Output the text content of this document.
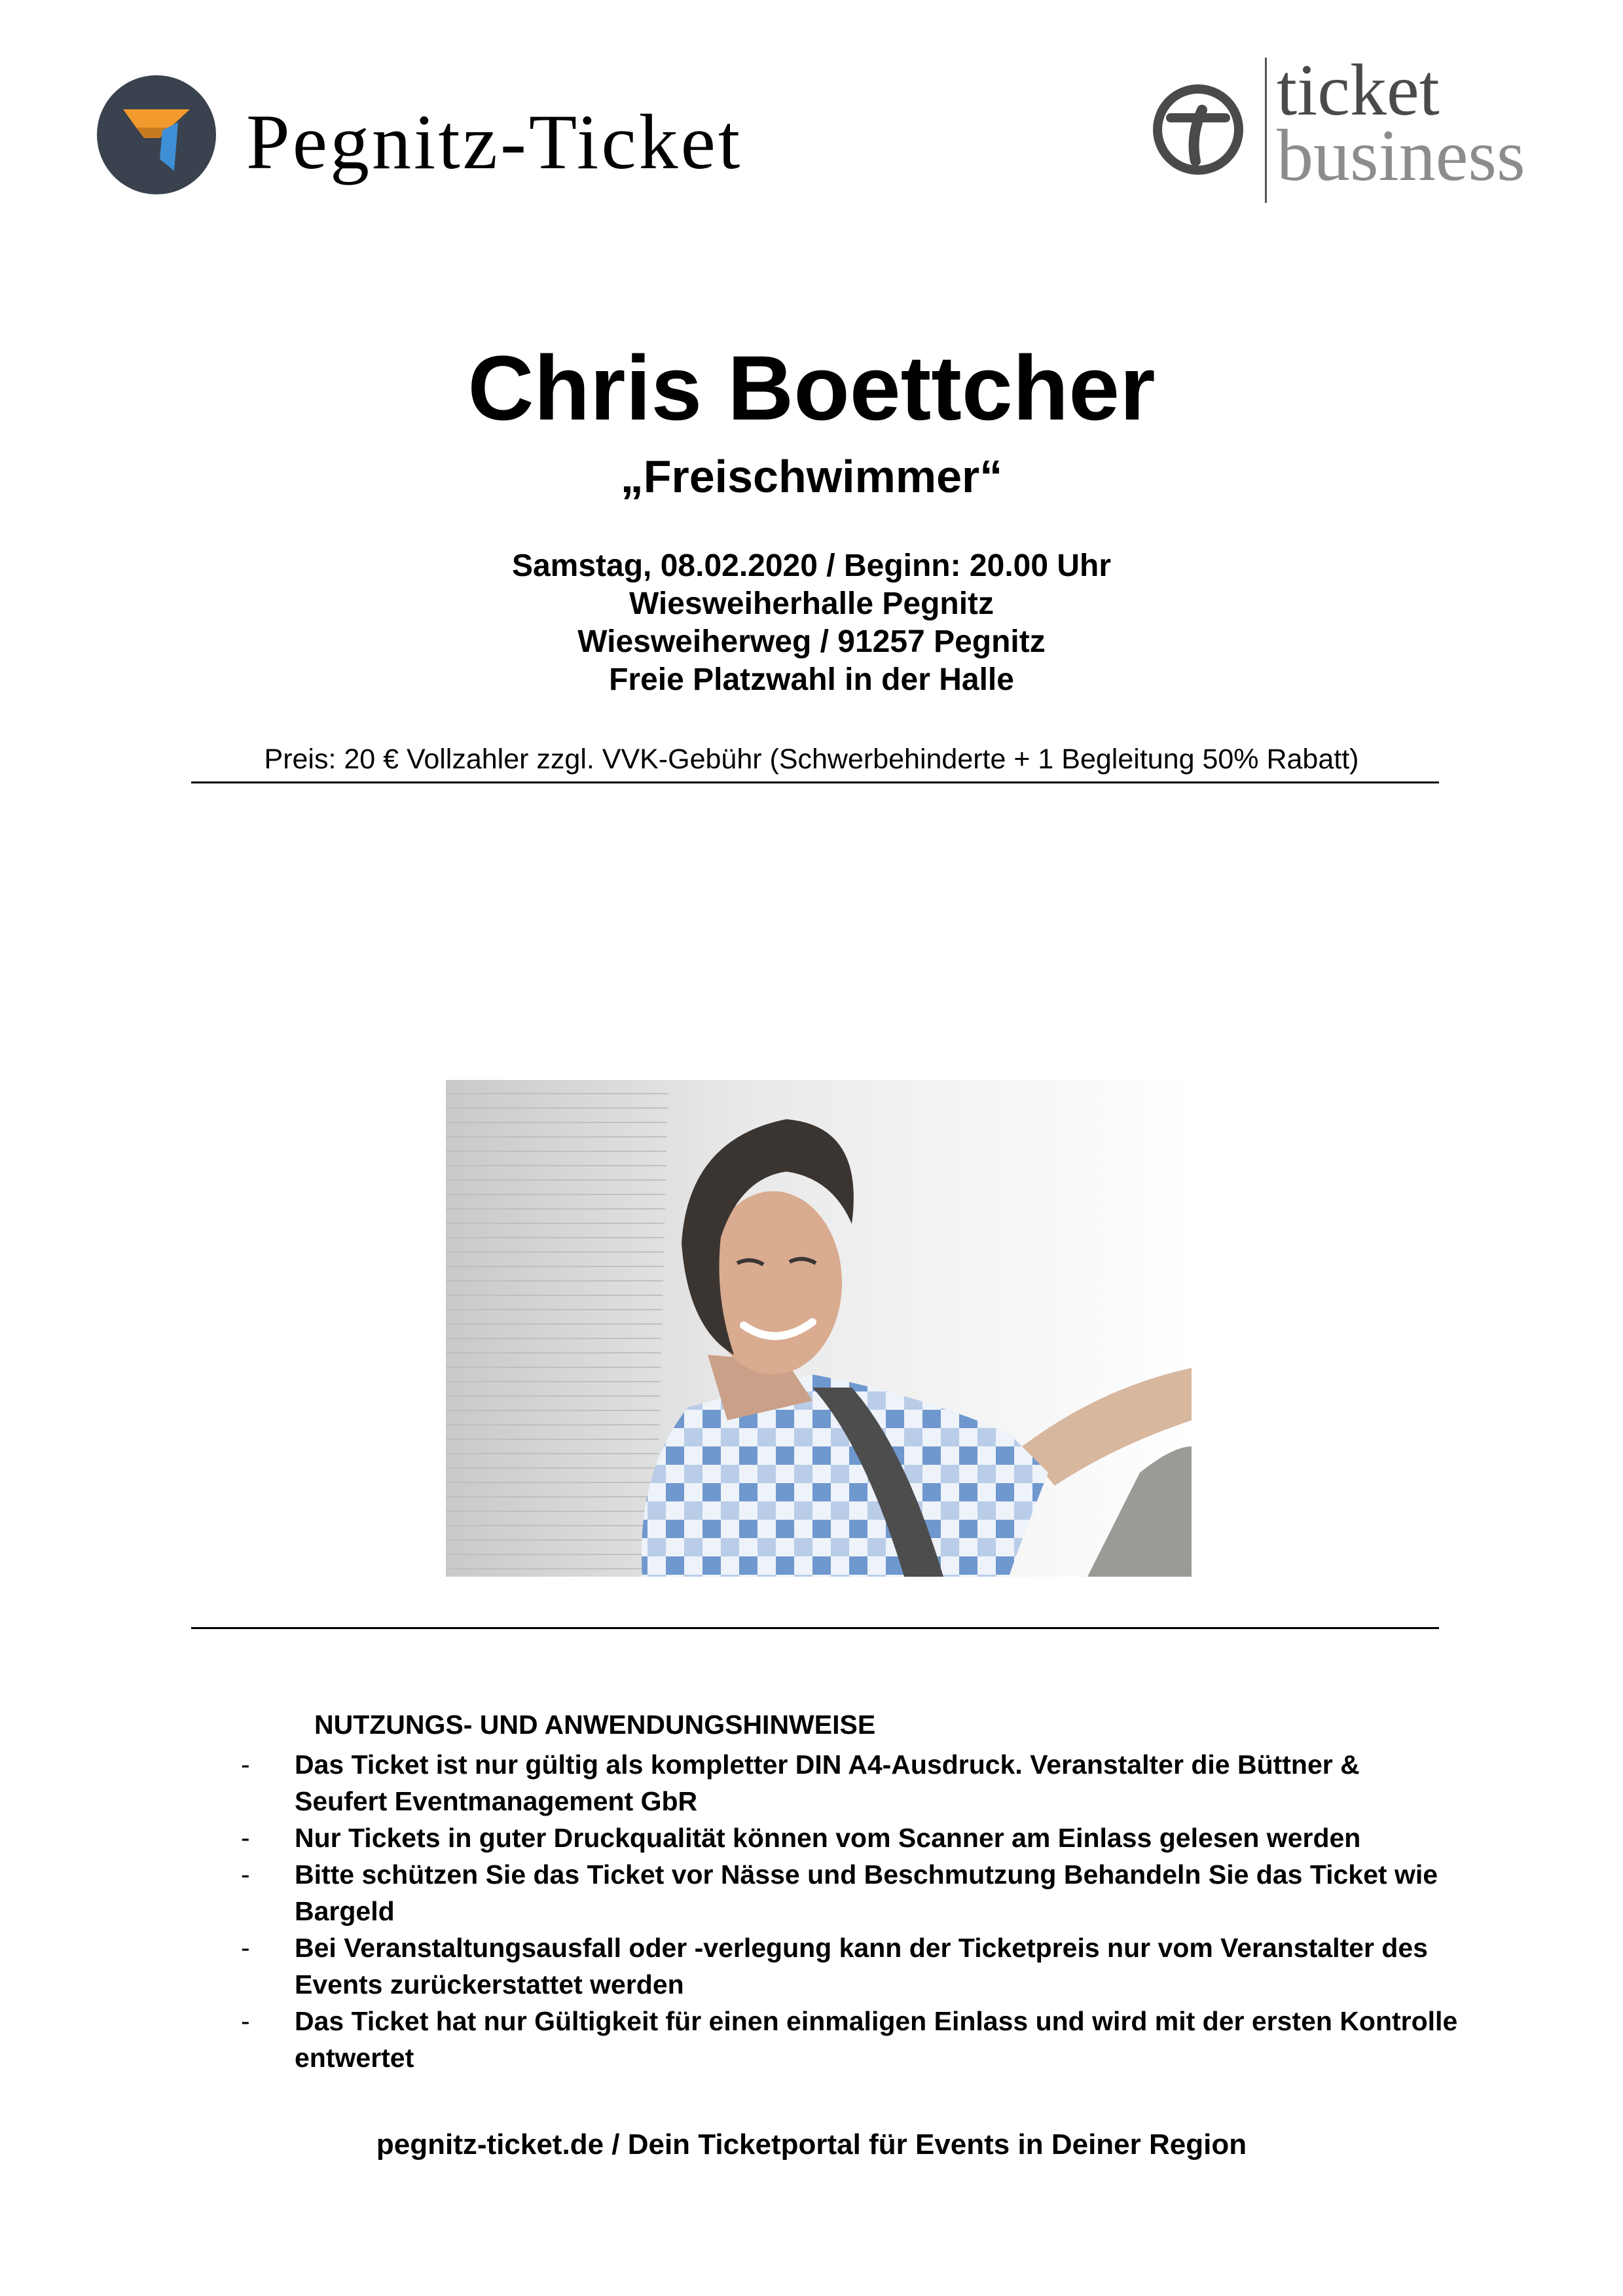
Pegnitz-Ticket
ticket
business
Chris Boettcher
„Freischwimmer“
Samstag, 08.02.2020 / Beginn: 20.00 Uhr
Wiesweiherhalle Pegnitz
Wiesweiherweg / 91257 Pegnitz
Freie Platzwahl in der Halle
Preis: 20 € Vollzahler zzgl. VVK-Gebühr (Schwerbehinderte + 1 Begleitung 50% Rabatt)
NUTZUNGS- UND ANWENDUNGSHINWEISE
- Das Ticket ist nur gültig als kompletter DIN A4-Ausdruck. Veranstalter die Büttner & Seufert Eventmanagement GbR
- Nur Tickets in guter Druckqualität können vom Scanner am Einlass gelesen werden
- Bitte schützen Sie das Ticket vor Nässe und Beschmutzung Behandeln Sie das Ticket wie Bargeld
- Bei Veranstaltungsausfall oder -verlegung kann der Ticketpreis nur vom Veranstalter des Events zurückerstattet werden
- Das Ticket hat nur Gültigkeit für einen einmaligen Einlass und wird mit der ersten Kontrolle entwertet
pegnitz-ticket.de / Dein Ticketportal für Events in Deiner Region
